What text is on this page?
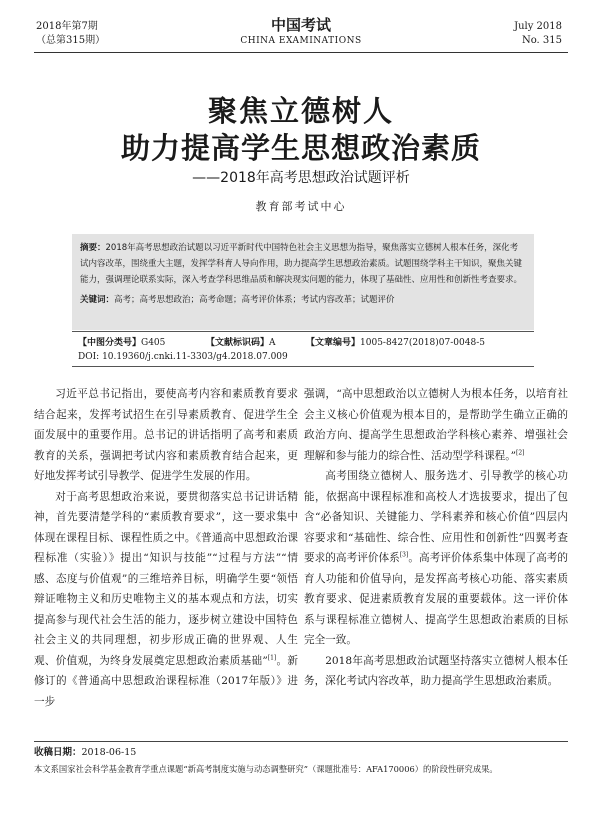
2018年第7期
（总第315期）
中国考试
CHINA EXAMINATIONS
July 2018
No. 315
聚焦立德树人
助力提高学生思想政治素质
——2018年高考思想政治试题评析
教育部考试中心

摘要：2018年高考思想政治试题以习近平新时代中国特色社会主义思想为指导，聚焦落实立德树人根本任务，深化考试内容改革，围绕重大主题，发挥学科育人导向作用，助力提高学生思想政治素质。试题围绕学科主干知识，聚焦关键能力，强调理论联系实际，深入考查学科思维品质和解决现实问题的能力，体现了基础性、应用性和创新性考查要求。

关键词：高考；高考思想政治；高考命题；高考评价体系；考试内容改革；试题评价

【中图分类号】G405	【文献标识码】A	【文章编号】1005-8427(2018)07-0048-5
DOI: 10.19360/j.cnki.11-3303/g4.2018.07.009

习近平总书记指出，要使高考内容和素质教育要求结合起来，发挥考试招生在引导素质教育、促进学生全面发展中的重要作用。总书记的讲话指明了高考和素质教育的关系，强调把考试内容和素质教育结合起来，更好地发挥考试引导教学、促进学生发展的作用。

对于高考思想政治来说，要贯彻落实总书记讲话精神，首先要清楚学科的“素质教育要求”，这一要求集中体现在课程目标、课程性质之中。《普通高中思想政治课程标准（实验）》提出“知识与技能”“过程与方法”“情感、态度与价值观”的三维培养目标，明确学生要“领悟辩证唯物主义和历史唯物主义的基本观点和方法，切实提高参与现代社会生活的能力，逐步树立建设中国特色社会主义的共同理想，初步形成正确的世界观、人生观、价值观，为终身发展奠定思想政治素质基础”[1]。新修订的《普通高中思想政治课程标准（2017年版）》进一步

强调，“高中思想政治以立德树人为根本任务，以培育社会主义核心价值观为根本目的，是帮助学生确立正确的政治方向、提高学生思想政治学科核心素养、增强社会理解和参与能力的综合性、活动型学科课程。”[2]

高考围绕立德树人、服务选才、引导教学的核心功能，依据高中课程标准和高校人才选拔要求，提出了包含“必备知识、关键能力、学科素养和核心价值”四层内容要求和“基础性、综合性、应用性和创新性”四翼考查要求的高考评价体系[3]。高考评价体系集中体现了高考的育人功能和价值导向，是发挥高考核心功能、落实素质教育要求、促进素质教育发展的重要载体。这一评价体系与课程标准立德树人、提高学生思想政治素质的目标完全一致。

2018年高考思想政治试题坚持落实立德树人根本任务，深化考试内容改革，助力提高学生思想政治素质。

收稿日期：2018-06-15
本文系国家社会科学基金教育学重点课题“新高考制度实施与动态调整研究”（课题批准号：AFA170006）的阶段性研究成果。
